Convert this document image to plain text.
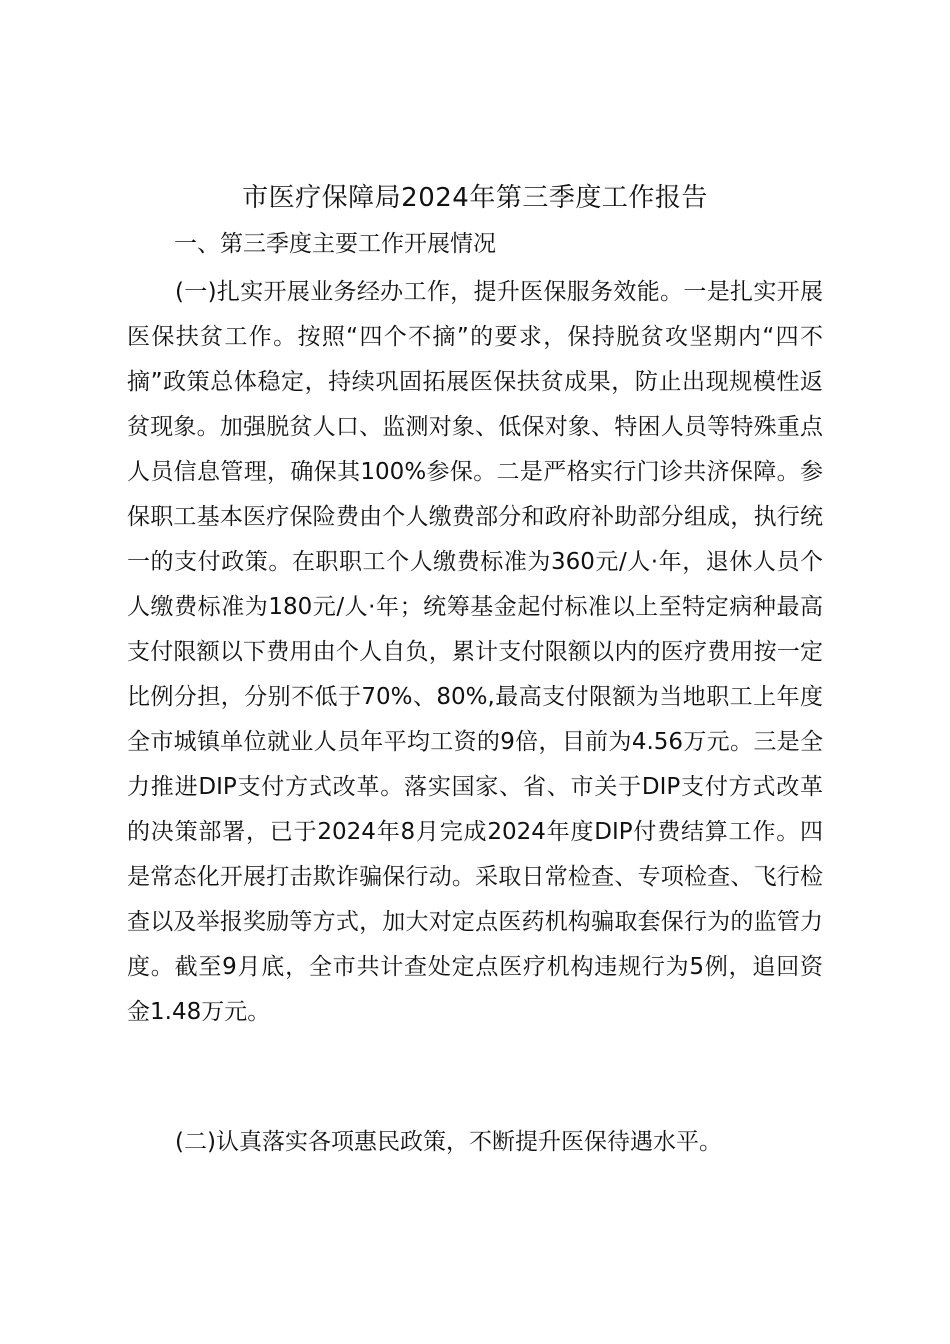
市医疗保障局2024年第三季度工作报告
一、第三季度主要工作开展情况

(一)扎实开展业务经办工作，提升医保服务效能。一是扎实开展医保扶贫工作。按照“四个不摘”的要求，保持脱贫攻坚期内“四不摘”政策总体稳定，持续巩固拓展医保扶贫成果，防止出现规模性返贫现象。加强脱贫人口、监测对象、低保对象、特困人员等特殊重点人员信息管理，确保其100%参保。二是严格实行门诊共济保障。参保职工基本医疗保险费由个人缴费部分和政府补助部分组成，执行统一的支付政策。在职职工个人缴费标准为360元/人·年，退休人员个人缴费标准为180元/人·年；统筹基金起付标准以上至特定病种最高支付限额以下费用由个人自负，累计支付限额以内的医疗费用按一定比例分担，分别不低于70%、80%,最高支付限额为当地职工上年度全市城镇单位就业人员年平均工资的9倍，目前为4.56万元。三是全力推进DIP支付方式改革。落实国家、省、市关于DIP支付方式改革的决策部署，已于2024年8月完成2024年度DIP付费结算工作。四是常态化开展打击欺诈骗保行动。采取日常检查、专项检查、飞行检查以及举报奖励等方式，加大对定点医药机构骗取套保行为的监管力度。截至9月底，全市共计查处定点医疗机构违规行为5例，追回资金1.48万元。

(二)认真落实各项惠民政策，不断提升医保待遇水平。
